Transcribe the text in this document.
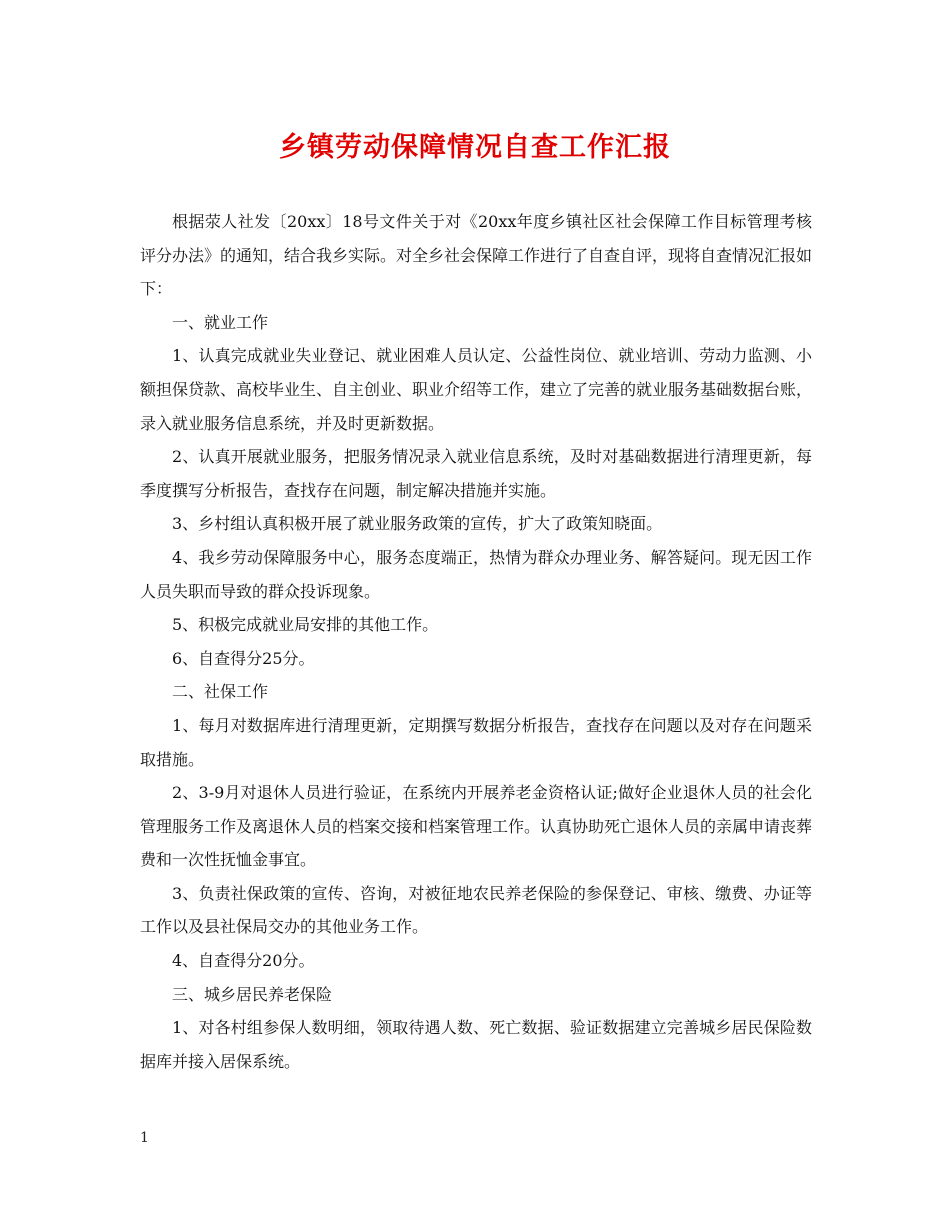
乡镇劳动保障情况自查工作汇报

根据荥人社发〔20xx〕18号文件关于对《20xx年度乡镇社区社会保障工作目标管理考核评分办法》的通知，结合我乡实际。对全乡社会保障工作进行了自查自评，现将自查情况汇报如下：

一、就业工作

1、认真完成就业失业登记、就业困难人员认定、公益性岗位、就业培训、劳动力监测、小额担保贷款、高校毕业生、自主创业、职业介绍等工作，建立了完善的就业服务基础数据台账，录入就业服务信息系统，并及时更新数据。

2、认真开展就业服务，把服务情况录入就业信息系统，及时对基础数据进行清理更新，每季度撰写分析报告，查找存在问题，制定解决措施并实施。

3、乡村组认真积极开展了就业服务政策的宣传，扩大了政策知晓面。

4、我乡劳动保障服务中心，服务态度端正，热情为群众办理业务、解答疑问。现无因工作人员失职而导致的群众投诉现象。

5、积极完成就业局安排的其他工作。

6、自查得分25分。

二、社保工作

1、每月对数据库进行清理更新，定期撰写数据分析报告，查找存在问题以及对存在问题采取措施。

2、3-9月对退休人员进行验证，在系统内开展养老金资格认证;做好企业退休人员的社会化管理服务工作及离退休人员的档案交接和档案管理工作。认真协助死亡退休人员的亲属申请丧葬费和一次性抚恤金事宜。

3、负责社保政策的宣传、咨询，对被征地农民养老保险的参保登记、审核、缴费、办证等工作以及县社保局交办的其他业务工作。

4、自查得分20分。

三、城乡居民养老保险

1、对各村组参保人数明细，领取待遇人数、死亡数据、验证数据建立完善城乡居民保险数据库并接入居保系统。

1
